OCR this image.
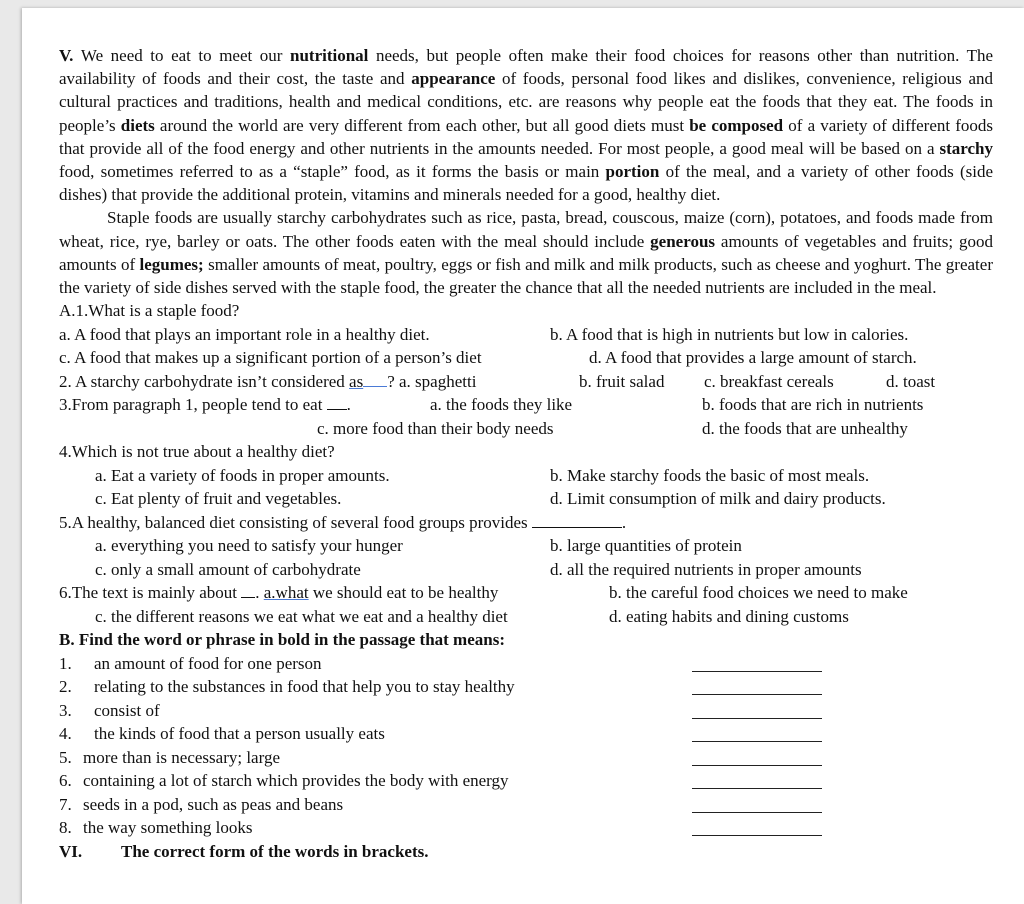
V. We need to eat to meet our nutritional needs, but people often make their food choices for reasons other than nutrition. The availability of foods and their cost, the taste and appearance of foods, personal food likes and dislikes, convenience, religious and cultural practices and traditions, health and medical conditions, etc. are reasons why people eat the foods that they eat. The foods in people’s diets around the world are very different from each other, but all good diets must be composed of a variety of different foods that provide all of the food energy and other nutrients in the amounts needed. For most people, a good meal will be based on a starchy food, sometimes referred to as a “staple” food, as it forms the basis or main portion of the meal, and a variety of other foods (side dishes) that provide the additional protein, vitamins and minerals needed for a good, healthy diet.

Staple foods are usually starchy carbohydrates such as rice, pasta, bread, couscous, maize (corn), potatoes, and foods made from wheat, rice, rye, barley or oats. The other foods eaten with the meal should include generous amounts of vegetables and fruits; good amounts of legumes; smaller amounts of meat, poultry, eggs or fish and milk and milk products, such as cheese and yoghurt. The greater the variety of side dishes served with the staple food, the greater the chance that all the needed nutrients are included in the meal.

A.1.What is a staple food?
a. A food that plays an important role in a healthy diet.	b. A food that is high in nutrients but low in calories.
c. A food that makes up a significant portion of a person’s diet	d. A food that provides a large amount of starch.
2. A starchy carbohydrate isn’t considered as ? a. spaghetti	b. fruit salad c. breakfast cereals	d. toast
3.From paragraph 1, people tend to eat .	a. the foods they like	b. foods that are rich in nutrients
c. more food than their body needs	d. the foods that are unhealthy
4.Which is not true about a healthy diet?
a. Eat a variety of foods in proper amounts.	b. Make starchy foods the basic of most meals.
c. Eat plenty of fruit and vegetables.	d. Limit consumption of milk and dairy products.
5.A healthy, balanced diet consisting of several food groups provides	.
a. everything you need to satisfy your hunger	b. large quantities of protein
c. only a small amount of carbohydrate	d. all the required nutrients in proper amounts
6.The text is mainly about . a.what we should eat to be healthy	b. the careful food choices we need to make
c. the different reasons we eat what we eat and a healthy diet	d. eating habits and dining customs
B. Find the word or phrase in bold in the passage that means:
1. an amount of food for one person
2. relating to the substances in food that help you to stay healthy
3. consist of
4. the kinds of food that a person usually eats
5. more than is necessary; large
6. containing a lot of starch which provides the body with energy
7. seeds in a pod, such as peas and beans
8. the way something looks
VI. The correct form of the words in brackets.
